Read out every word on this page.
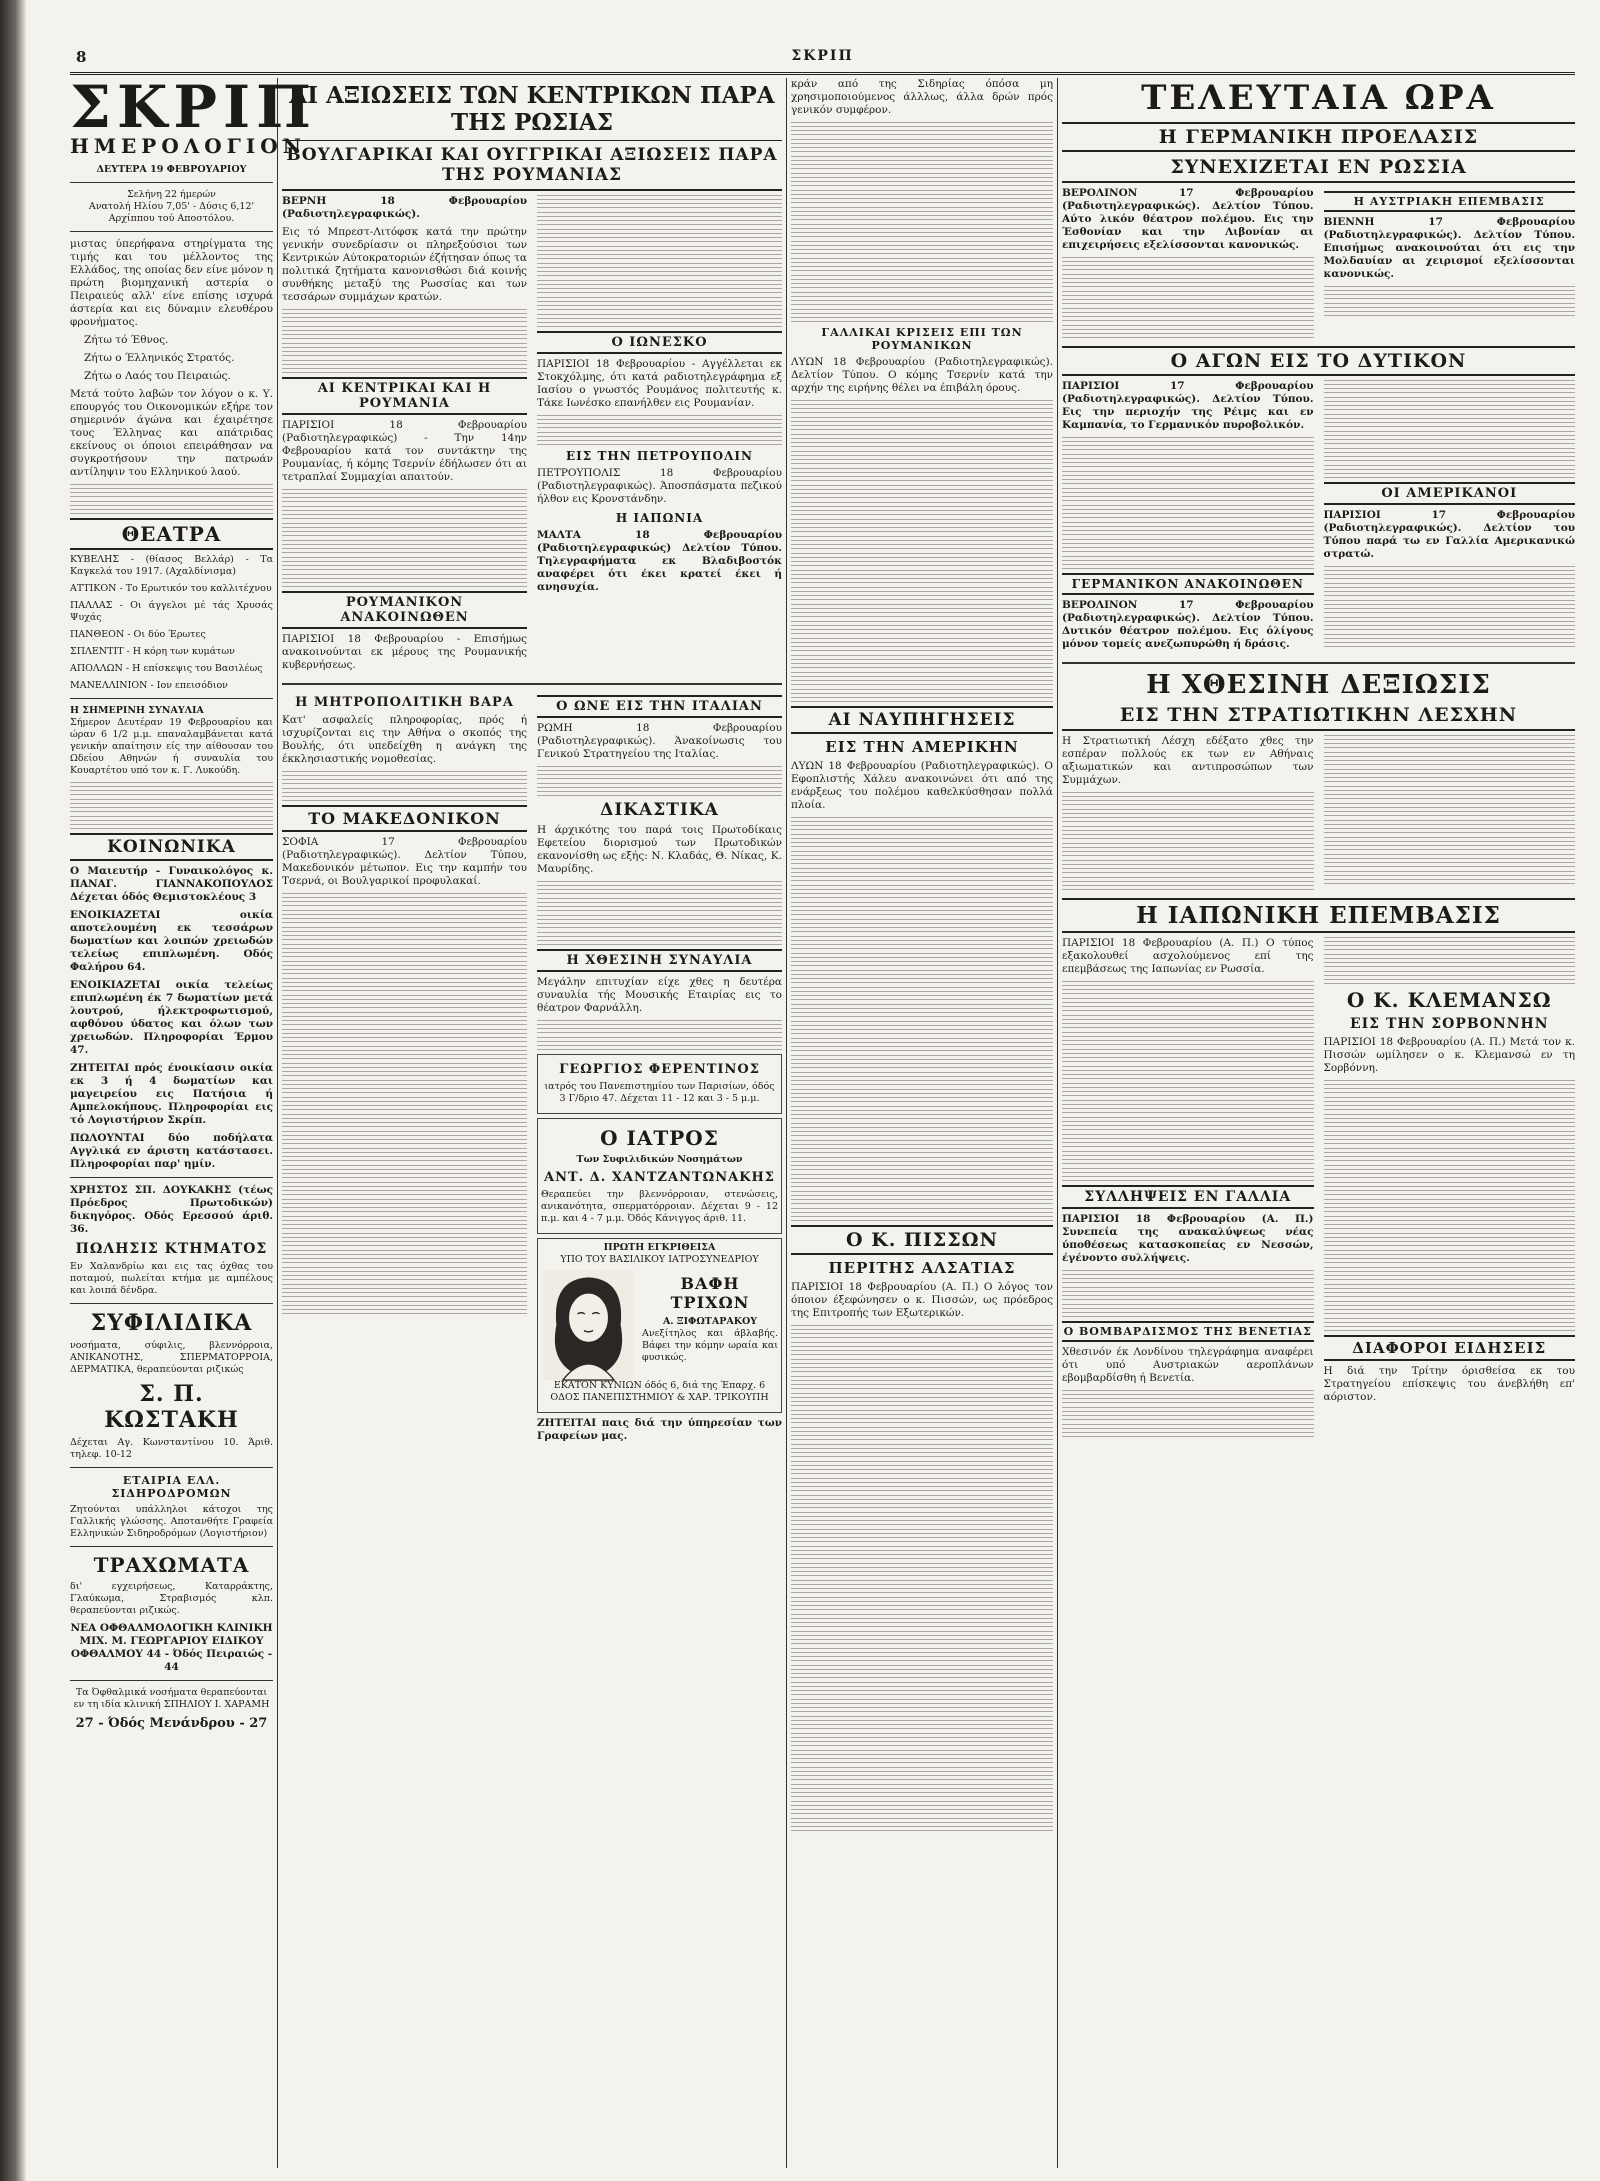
8	ΣΚΡΙΠ
ΣΚΡΙΠ
ΗΜΕΡΟΛΟΓΙΟΝ
ΔΕΥΤΕΡΑ 19 ΦΕΒΡΟΥΑΡΙΟΥ
Σελήνη 22 ήμερών
Ανατολή Ηλίου 7,05' - Δύσις 6,12'
Αρχίππου τού Αποστόλου.

μιστας ύπερήφανα στηρίγματα της τιμής και του μέλλοντος της Ελλάδος, της οποίας δεν είνε μόνον η πρώτη βιομηχανική αστερία ο Πειραιεύς αλλ' είνε επίσης ισχυρά άστερία και εις δύναμιν ελευθέρου φρονήματος.

Ζήτω τό Έθνος.
Ζήτω ο Έλληνικός Στρατός.
Ζήτω ο Λαός του Πειραιώς.

Μετά τούτο λαβών τον λόγον ο κ. Υ. επουργός του Οικονομικών εξήρε τον σημερινόν άγώνα και έχαιρέτησε τους Έλληνας και απάτριδας εκείνους οι όποιοι επειράθησαν να συγκροτήσουν την πατρωάν αντίληψιν του Ελληνικού λαού.

ΘΕΑΤΡΑ
ΚΥΒΕΛΗΣ - (θίασος Βελλάρ) - Τα Καγκελά του 1917. (Αχαλδίνισμα)
ΑΤΤΙΚΟΝ - Το Ερωτικόν του καλλιτέχνου
ΠΑΛΛΑΣ - Οι άγγελοι μέ τάς Χρυσάς Ψυχάς
ΠΑΝΘΕΟΝ - Οι δύο Έρωτες
ΣΠΛΕΝΤΙΤ - Η κόρη των κυμάτων
ΑΠΟΛΛΩΝ - Η επίσκεψις του Βασιλέως
ΜΑΝΕΛΛΙΝΙΟΝ - Ιον επεισόδιον
Η ΣΗΜΕΡΙΝΗ ΣΥΝΑΥΛΙΑ

Σήμερον Δευτέραν 19 Φεβρουαρίου και ώραν 6 1/2 μ.μ. επαναλαμβάνεται κατά γενικήν απαίτησιν είς την αίθουσαν του Ωδείου Αθηνών ή συναυλία του Κουαρτέτου υπό τον κ. Γ. Λυκούδη.

ΚΟΙΝΩΝΙΚΑ

Ο Μαιευτήρ - Γυναικολόγος κ. ΠΑΝΑΓ. ΓΙΑΝΝΑΚΟΠΟΥΛΟΣ Δέχεται όδός Θεμιστοκλέους 3

ΕΝΟΙΚΙΑΖΕΤΑΙ οικία αποτελουμένη εκ τεσσάρων δωματίων και λοιπών χρειωδών τελείως επιπλωμένη. Οδός Φαλήρου 64.

ΕΝΟΙΚΙΑΖΕΤΑΙ οικία τελείως επιπλωμένη έκ 7 δωματίων μετά λουτρού, ήλεκτροφωτισμού, αφθόνου ύδατος και όλων των χρειωδών. Πληροφορίαι Έρμου 47.

ΖΗΤΕΙΤΑΙ πρός ένοικίασιν οικία εκ 3 ή 4 δωματίων και μαγειρείου εις Πατήσια ή Αμπελοκήπους. Πληροφορίαι εις τό Λογιστήριον Σκρίπ.

ΠΩΛΟΥΝΤΑΙ δύο ποδήλατα Αγγλικά εν άριστη κατάστασει. Πληροφορίαι παρ' ημίν.

ΧΡΗΣΤΟΣ ΣΠ. ΔΟΥΚΑΚΗΣ (τέως Πρόεδρος Πρωτοδικών) δικηγόρος. Οδός Ερεσσού άριθ. 36.

ΠΩΛΗΣΙΣ ΚΤΗΜΑΤΟΣ

Εν Χαλανδρίω και εις τας όχθας του ποταμού, πωλείται κτήμα με αμπέλους και λοιπά δένδρα.

ΣΥΦΙΛΙΔΙΚΑ

νοσήματα, σύφιλις, βλεννόρροια, ΑΝΙΚΑΝΟΤΗΣ, ΣΠΕΡΜΑΤΟΡΡΟΙΑ, ΔΕΡΜΑΤΙΚΑ, θεραπεύονται ριζικώς

Σ. Π. ΚΩΣΤΑΚΗ

Δέχεται Αγ. Κωνσταντίνου 10. Άριθ. τηλεφ. 10-12

ΕΤΑΙΡΙΑ ΕΛΛ. ΣΙΔΗΡΟΔΡΟΜΩΝ

Ζητούνται υπάλληλοι κάτοχοι της Γαλλικής γλώσσης. Αποτανθήτε Γραφεία Ελληνικών Σιδηροδρόμων (Λογιστήριον)

ΤΡΑΧΩΜΑΤΑ

δι' εγχειρήσεως, Καταρράκτης, Γλαύκωμα, Στραβισμός κλπ. θεραπεύονται ριζικώς.

ΝΕΑ ΟΦΘΑΛΜΟΛΟΓΙΚΗ ΚΛΙΝΙΚΗ ΜΙΧ. Μ. ΓΕΩΡΓΑΡΙΟΥ ΕΙΔΙΚΟΥ ΟΦΘΑΛΜΟΥ 44 - Όδός Πειραιώς - 44

Τα Όφθαλμικά νοσήματα θεραπεύονται εν τη ιδία κλινική ΣΠΗΛΙΟΥ Ι. ΧΑΡΑΜΗ

27 - Όδός Μενάνδρου - 27
ΑΙ ΑΞΙΩΣΕΙΣ ΤΩΝ ΚΕΝΤΡΙΚΩΝ ΠΑΡΑ ΤΗΣ ΡΩΣΙΑΣ
ΒΟΥΛΓΑΡΙΚΑΙ ΚΑΙ ΟΥΓΓΡΙΚΑΙ ΑΞΙΩΣΕΙΣ ΠΑΡΑ ΤΗΣ ΡΟΥΜΑΝΙΑΣ
ΒΕΡΝΗ 18 Φεβρουαρίου (Ραδιοτηλεγραφικώς).

Εις τό Μπρεστ-Λιτόφσκ κατά την πρώτην γενικήν συνεδρίασιν οι πληρεξούσιοι των Κεντρικών Αύτοκρατοριών έζήτησαν όπως τα πολιτικά ζητήματα κανονισθώσι διά κοινής συνθήκης μεταξύ της Ρωσσίας και των τεσσάρων συμμάχων κρατών.

ΑΙ ΚΕΝΤΡΙΚΑΙ ΚΑΙ Η ΡΟΥΜΑΝΙΑ

ΠΑΡΙΣΙΟΙ 18 Φεβρουαρίου (Ραδιοτηλεγραφικώς) - Την 14ην Φεβρουαρίου κατά τον συντάκτην της Ρουμανίας, ή κόμης Τσερνίν έδήλωσεν ότι αι τετραπλαί Συμμαχίαι απαιτούν.

ΡΟΥΜΑΝΙΚΟΝ ΑΝΑΚΟΙΝΩΘΕΝ

ΠΑΡΙΣΙΟΙ 18 Φεβρουαρίου - Επισήμως ανακοινούνται εκ μέρους της Ρουμανικής κυβερνήσεως.

Ο ΙΩΝΕΣΚΟ

ΠΑΡΙΣΙΟΙ 18 Φεβρουαρίου - Αγγέλλεται εκ Στοκχόλμης, ότι κατά ραδιοτηλεγράφημα εξ Ιασίου ο γνωστός Ρουμάνος πολιτευτής κ. Τάκε Ιωνέσκο επανήλθεν εις Ρουμανίαν.

ΕΙΣ ΤΗΝ ΠΕΤΡΟΥΠΟΛΙΝ

ΠΕΤΡΟΥΠΟΛΙΣ 18 Φεβρουαρίου (Ραδιοτηλεγραφικώς). Άποσπάσματα πεζικού ήλθον εις Κρονστάνδην.

Η ΙΑΠΩΝΙΑ

ΜΑΛΤΑ 18 Φεβρουαρίου (Ραδιοτηλεγραφικώς) Δελτίον Τύπου. Τηλεγραφήματα εκ Βλαδιβοστόκ αναφέρει ότι έκει κρατεί έκει ή ανησυχία.

Η ΜΗΤΡΟΠΟΛΙΤΙΚΗ ΒΑΡΑ

Κατ' ασφαλείς πληροφορίας, πρός ή ισχυρίζονται εις την Αθήνα ο σκοπός της Βουλής, ότι υπεδείχθη η ανάγκη της έκκλησιαστικής νομοθεσίας.

ΤΟ ΜΑΚΕΔΟΝΙΚΟΝ

ΣΟΦΙΑ 17 Φεβρουαρίου (Ραδιοτηλεγραφικώς). Δελτίον Τύπου, Μακεδονικόν μέτωπον. Εις την καμπήν του Τσερνά, οι Βουλγαρικοί προφυλακαί.

Ο ΩΝΕ ΕΙΣ ΤΗΝ ΙΤΑΛΙΑΝ

ΡΩΜΗ 18 Φεβρουαρίου (Ραδιοτηλεγραφικώς). Άνακοίνωσις του Γενικού Στρατηγείου της Ιταλίας.

ΔΙΚΑΣΤΙΚΑ

Η άρχικότης του παρά τοις Πρωτοδίκαις Εφετείου διορισμού των Πρωτοδικών εκανονίσθη ως εξής: Ν. Κλαδάς, Θ. Νίκας, Κ. Μαυρίδης.

Η ΧΘΕΣΙΝΗ ΣΥΝΑΥΛΙΑ

Μεγάλην επιτυχίαν είχε χθες η δευτέρα συναυλία τής Μουσικής Εταιρίας εις το θέατρον Φαρνάλλη.

ΓΕΩΡΓΙΟΣ ΦΕΡΕΝΤΙΝΟΣ

ιατρός του Πανεπιστημίου των Παρισίων, όδός 3 Γ/δριο 47. Δέχεται 11 - 12 και 3 - 5 μ.μ.

Ο ΙΑΤΡΟΣ
Των Συφιλιδικών Νοσημάτων
ΑΝΤ. Δ. ΧΑΝΤΖΑΝΤΩΝΑΚΗΣ

Θεραπεύει την βλεννόρροιαν, στενώσεις, ανικανότητα, σπερματόρροιαν. Δέχεται 9 - 12 π.μ. και 4 - 7 μ.μ. Όδός Κάνιγγος άριθ. 11.

ΠΡΩΤΗ ΕΓΚΡΙΘΕΙΣΑ
ΥΠΟ ΤΟΥ ΒΑΣΙΛΙΚΟΥ ΙΑΤΡΟΣΥΝΕΔΡΙΟΥ
ΒΑΦΗ ΤΡΙΧΩΝ
Α. ΞΙΦΩΤΑΡΑΚΟΥ

Ανεξίτηλος και άβλαβής. Βάφει την κόμην ωραία και φυσικώς.

ΕΚΑΤΟΝ ΚΥΝΙΩΝ όδός 6, διά της Έπαρχ. 6 ΟΔΟΣ ΠΑΝΕΠΙΣΤΗΜΙΟΥ & ΧΑΡ. ΤΡΙΚΟΥΠΗ

ΖΗΤΕΙΤΑΙ παις διά την ύπηρεσίαν των Γραφείων μας.

κράν από της Σιδηρίας όπόσα μη χρησιμοποιούμενος άλλλως, άλλα δρών πρός γενικόν συμφέρον.

ΓΑΛΛΙΚΑΙ ΚΡΙΣΕΙΣ ΕΠΙ ΤΩΝ ΡΟΥΜΑΝΙΚΩΝ

ΛΥΩΝ 18 Φεβρουαρίου (Ραδιοτηλεγραφικώς). Δελτίον Τύπου. Ο κόμης Τσερνίν κατά την αρχήν της ειρήνης θέλει να έπιβάλη όρους.

ΑΙ ΝΑΥΠΗΓΗΣΕΙΣ
ΕΙΣ ΤΗΝ ΑΜΕΡΙΚΗΝ

ΛΥΩΝ 18 Φεβρουαρίου (Ραδιοτηλεγραφικώς). Ο Εφοπλιστής Χάλευ ανακοινώνει ότι από της ενάρξεως του πολέμου καθελκύσθησαν πολλά πλοία.

Ο Κ. ΠΙΣΣΩΝ
ΠΕΡΙΤΗΣ ΑΛΣΑΤΙΑΣ

ΠΑΡΙΣΙΟΙ 18 Φεβρουαρίου (Α. Π.) Ο λόγος τον όποιον έξεφώνησεν ο κ. Πισσών, ως πρόεδρος της Επιτροπής των Εξωτερικών.

ΤΕΛΕΥΤΑΙΑ ΩΡΑ
Η ΓΕΡΜΑΝΙΚΗ ΠΡΟΕΛΑΣΙΣ
ΣΥΝΕΧΙΖΕΤΑΙ ΕΝ ΡΩΣΣΙΑ

ΒΕΡΟΛΙΝΟΝ 17 Φεβρουαρίου (Ραδιοτηλεγραφικώς). Δελτίον Τύπου. Αύτο λικόν θέατρον πολέμου. Εις την Έσθονίαν και την Λιβονίαν αι επιχειρήσεις εξελίσσονται κανονικώς.

Η ΑΥΣΤΡΙΑΚΗ ΕΠΕΜΒΑΣΙΣ

ΒΙΕΝΝΗ 17 Φεβρουαρίου (Ραδιοτηλεγραφικώς). Δελτίον Τύπου. Επισήμως ανακοινούται ότι εις την Μολδαυίαν αι χειρισμοί εξελίσσονται κανονικώς.

Ο ΑΓΩΝ ΕΙΣ ΤΟ ΔΥΤΙΚΟΝ

ΠΑΡΙΣΙΟΙ 17 Φεβρουαρίου (Ραδιοτηλεγραφικώς). Δελτίον Τύπου. Εις την περιοχήν της Ρέιμς και εν Καμπανία, το Γερμανικόν πυροβολικόν.

ΓΕΡΜΑΝΙΚΟΝ ΑΝΑΚΟΙΝΩΘΕΝ

ΒΕΡΟΛΙΝΟΝ 17 Φεβρουαρίου (Ραδιοτηλεγραφικώς). Δελτίον Τύπου. Δυτικόν θέατρον πολέμου. Εις όλίγους μόνον τομείς ανεζωπυρώθη ή δράσις.

ΟΙ ΑΜΕΡΙΚΑΝΟΙ

ΠΑΡΙΣΙΟΙ 17 Φεβρουαρίου (Ραδιοτηλεγραφικώς). Δελτίον του Τύπου παρά τω εν Γαλλία Αμερικανικώ στρατώ.

Η ΧΘΕΣΙΝΗ ΔΕΞΙΩΣΙΣ
ΕΙΣ ΤΗΝ ΣΤΡΑΤΙΩΤΙΚΗΝ ΛΕΣΧΗΝ

Η Στρατιωτική Λέσχη εδέξατο χθες την εσπέραν πολλούς εκ των εν Αθήναις αξιωματικών και αντιπροσώπων των Συμμάχων.

Η ΙΑΠΩΝΙΚΗ ΕΠΕΜΒΑΣΙΣ

ΠΑΡΙΣΙΟΙ 18 Φεβρουαρίου (Α. Π.) Ο τύπος εξακολουθεί ασχολούμενος επί της επεμβάσεως της Ιαπωνίας εν Ρωσσία.

ΣΥΛΛΗΨΕΙΣ ΕΝ ΓΑΛΛΙΑ

ΠΑΡΙΣΙΟΙ 18 Φεβρουαρίου (Α. Π.) Συνεπεία της ανακαλύψεως νέας ύποθέσεως κατασκοπείας εν Νεσσών, έγένοντο συλλήψεις.

Ο ΒΟΜΒΑΡΔΙΣΜΟΣ ΤΗΣ ΒΕΝΕΤΙΑΣ

Χθεσινόν έκ Λονδίνου τηλεγράφημα αναφέρει ότι υπό Αυστριακών αεροπλάνων εβομβαρδίσθη ή Βενετία.

Ο Κ. ΚΛΕΜΑΝΣΩ
ΕΙΣ ΤΗΝ ΣΟΡΒΟΝΝΗΝ

ΠΑΡΙΣΙΟΙ 18 Φεβρουαρίου (Α. Π.) Μετά τον κ. Πισσών ωμίλησεν ο κ. Κλεμανσώ εν τη Σορβόννη.

ΔΙΑΦΟΡΟΙ ΕΙΔΗΣΕΙΣ

Η διά την Τρίτην όρισθείσα εκ του Στρατηγείου επίσκεψις του άνεβλήθη επ' αόριστον.
